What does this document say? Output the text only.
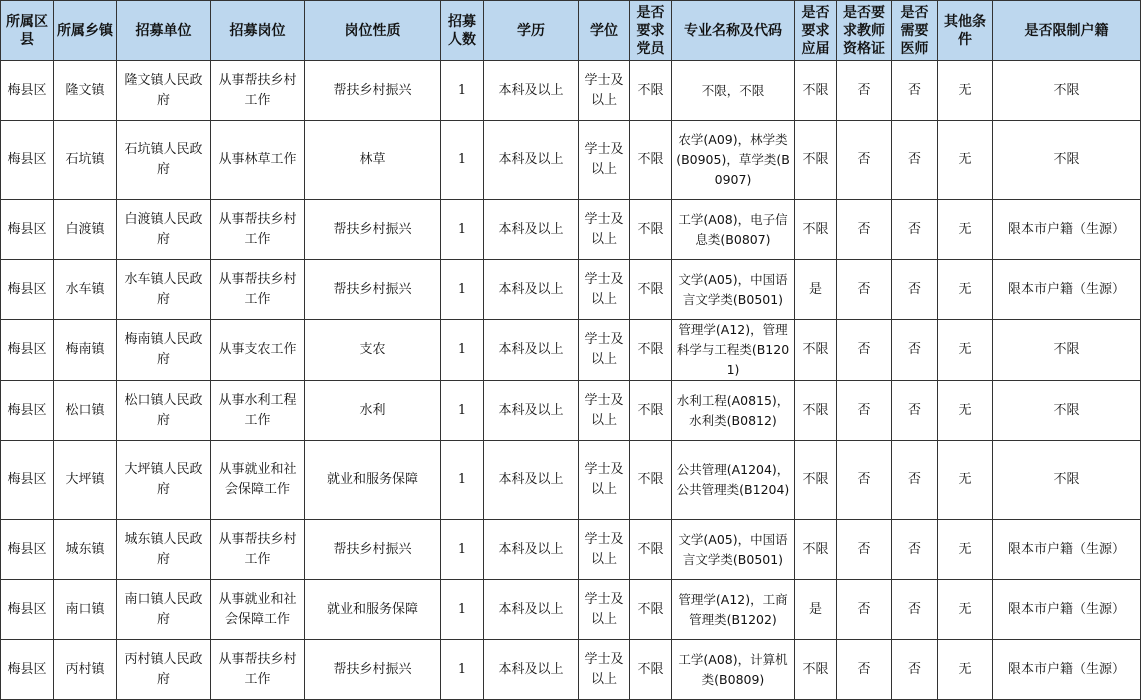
所属区县	所属乡镇	招募单位	招募岗位	岗位性质	招募人数	学历	学位	是否要求党员	专业名称及代码	是否要求应届	是否要求教师资格证	是否需要医师	其他条件	是否限制户籍
梅县区	隆文镇	隆文镇人民政府	从事帮扶乡村工作	帮扶乡村振兴	1	本科及以上	学士及以上	不限	不限，不限	不限	否	否	无	不限
梅县区	石坑镇	石坑镇人民政府	从事林草工作	林草	1	本科及以上	学士及以上	不限	农学(A09)，林学类(B0905)，草学类(B0907)	不限	否	否	无	不限
梅县区	白渡镇	白渡镇人民政府	从事帮扶乡村工作	帮扶乡村振兴	1	本科及以上	学士及以上	不限	工学(A08)，电子信息类(B0807)	不限	否	否	无	限本市户籍（生源）
梅县区	水车镇	水车镇人民政府	从事帮扶乡村工作	帮扶乡村振兴	1	本科及以上	学士及以上	不限	文学(A05)，中国语言文学类(B0501)	是	否	否	无	限本市户籍（生源）
梅县区	梅南镇	梅南镇人民政府	从事支农工作	支农	1	本科及以上	学士及以上	不限	管理学(A12)，管理科学与工程类(B1201)	不限	否	否	无	不限
梅县区	松口镇	松口镇人民政府	从事水利工程工作	水利	1	本科及以上	学士及以上	不限	水利工程(A0815)，水利类(B0812)	不限	否	否	无	不限
梅县区	大坪镇	大坪镇人民政府	从事就业和社会保障工作	就业和服务保障	1	本科及以上	学士及以上	不限	公共管理(A1204)，公共管理类(B1204)	不限	否	否	无	不限
梅县区	城东镇	城东镇人民政府	从事帮扶乡村工作	帮扶乡村振兴	1	本科及以上	学士及以上	不限	文学(A05)，中国语言文学类(B0501)	不限	否	否	无	限本市户籍（生源）
梅县区	南口镇	南口镇人民政府	从事就业和社会保障工作	就业和服务保障	1	本科及以上	学士及以上	不限	管理学(A12)，工商管理类(B1202)	是	否	否	无	限本市户籍（生源）
梅县区	丙村镇	丙村镇人民政府	从事帮扶乡村工作	帮扶乡村振兴	1	本科及以上	学士及以上	不限	工学(A08)，计算机类(B0809)	不限	否	否	无	限本市户籍（生源）
